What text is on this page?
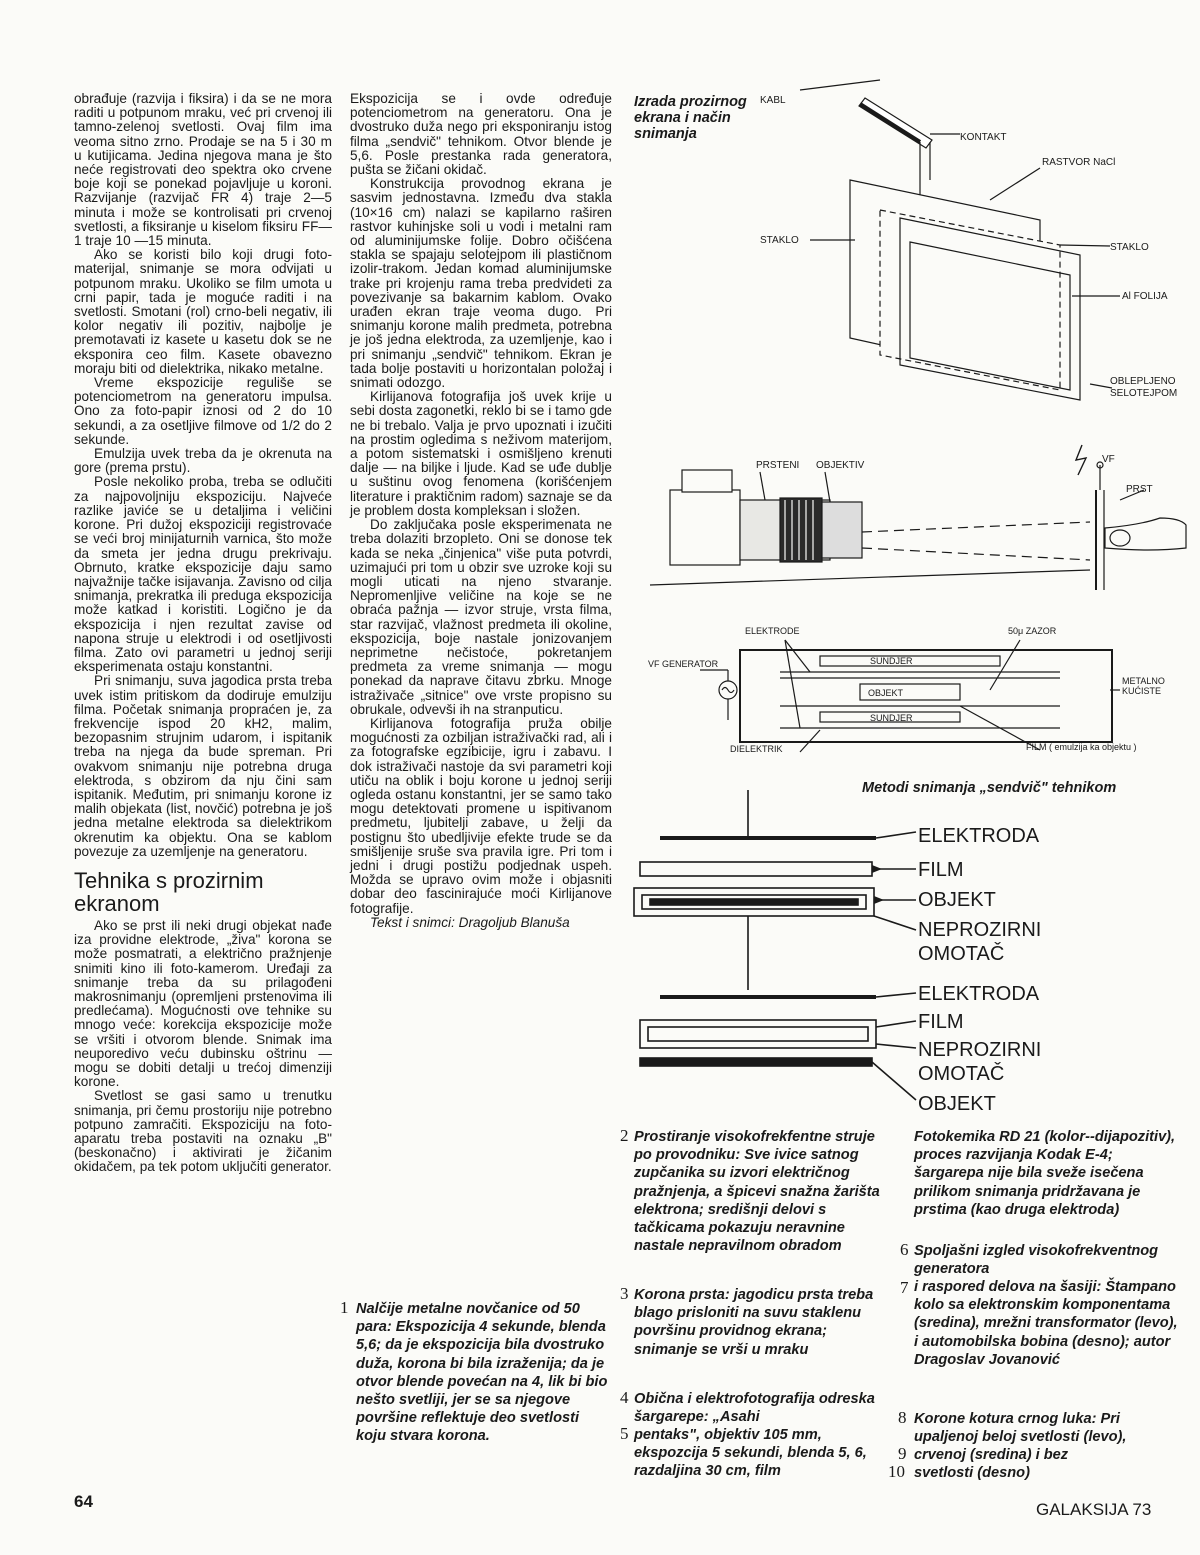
obrađuje (razvija i fiksira) i da se ne mora raditi u potpunom mraku, već pri crvenoj ili tamno-zelenoj svetlosti. Ovaj film ima veoma sitno zrno. Prodaje se na 5 i 30 m u kutijicama. Jedina njegova mana je što neće registrovati deo spektra oko crvene boje koji se ponekad pojavljuje u koroni. Razvijanje (razvijač FR 4) traje 2—5 minuta i može se kontrolisati pri crvenoj svetlosti, a fiksiranje u kiselom fiksiru FF—1 traje 10 —15 minuta.

Ako se koristi bilo koji drugi foto-materijal, snimanje se mora odvijati u potpunom mraku. Ukoliko se film umota u crni papir, tada je moguće raditi i na svetlosti. Smotani (rol) crno-beli negativ, ili kolor negativ ili pozitiv, najbolje je premotavati iz kasete u kasetu dok se ne eksponira ceo film. Kasete obavezno moraju biti od dielektrika, nikako metalne.

Vreme ekspozicije reguliše se potenciometrom na generatoru impulsa. Ono za foto-papir iznosi od 2 do 10 sekundi, a za osetljive filmove od 1/2 do 2 sekunde.

Emulzija uvek treba da je okrenuta na gore (prema prstu).

Posle nekoliko proba, treba se odlučiti za najpovoljniju ekspoziciju. Najveće razlike javiće se u detaljima i veličini korone. Pri dužoj ekspoziciji registrovaće se veći broj minijaturnih varnica, što može da smeta jer jedna drugu prekrivaju. Obrnuto, kratke ekspozicije daju samo najvažnije tačke isijavanja. Zavisno od cilja snimanja, prekratka ili preduga ekspozicija može katkad i koristiti. Logično je da ekspozicija i njen rezultat zavise od napona struje u elektrodi i od osetljivosti filma. Zato ovi parametri u jednoj seriji eksperimenata ostaju konstantni.

Pri snimanju, suva jagodica prsta treba uvek istim pritiskom da dodiruje emulziju filma. Početak snimanja propraćen je, za frekvencije ispod 20 kH2, malim, bezopasnim strujnim udarom, i ispitanik treba na njega da bude spreman. Pri ovakvom snimanju nije potrebna druga elektroda, s obzirom da nju čini sam ispitanik. Međutim, pri snimanju korone iz malih objekata (list, novčić) potrebna je još jedna metalne elektroda sa dielektrikom okrenutim ka objektu. Ona se kablom povezuje za uzemljenje na generatoru.

Tehnika s prozirnim ekranom

Ako se prst ili neki drugi objekat nađe iza providne elektrode, „živa" korona se može posmatrati, a električno pražnjenje snimiti kino ili foto-kamerom. Uređaji za snimanje treba da su prilagođeni makrosnimanju (opremljeni prstenovima ili predlećama). Mogućnosti ove tehnike su mnogo veće: korekcija ekspozicije može se vršiti i otvorom blende. Snimak ima neuporedivo veću dubinsku oštrinu — mogu se dobiti detalji u trećoj dimenziji korone.

Svetlost se gasi samo u trenutku snimanja, pri čemu prostoriju nije potrebno potpuno zamračiti. Ekspoziciju na foto-aparatu treba postaviti na oznaku „B" (beskonačno) i aktivirati je žičanim okidačem, pa tek potom uključiti generator.

Ekspozicija se i ovde određuje potenciometrom na generatoru. Ona je dvostruko duža nego pri eksponiranju istog filma „sendvič" tehnikom. Otvor blende je 5,6. Posle prestanka rada generatora, pušta se žičani okidač.

Konstrukcija provodnog ekrana je sasvim jednostavna. Između dva stakla (10×16 cm) nalazi se kapilarno raširen rastvor kuhinjske soli u vodi i metalni ram od aluminijumske folije. Dobro očišćena stakla se spajaju selotejpom ili plastičnom izolir-trakom. Jedan komad aluminijumske trake pri krojenju rama treba predvideti za povezivanje sa bakarnim kablom. Ovako urađen ekran traje veoma dugo. Pri snimanju korone malih predmeta, potrebna je još jedna elektroda, za uzemljenje, kao i pri snimanju „sendvič" tehnikom. Ekran je tada bolje postaviti u horizontalan položaj i snimati odozgo.

Kirlijanova fotografija još uvek krije u sebi dosta zagonetki, reklo bi se i tamo gde ne bi trebalo. Valja je prvo upoznati i izučiti na prostim ogledima s neživom materijom, a potom sistematski i osmišljeno krenuti dalje — na biljke i ljude. Kad se uđe dublje u suštinu ovog fenomena (korišćenjem literature i praktičnim radom) saznaje se da je problem dosta kompleksan i složen.

Do zaključaka posle eksperimenata ne treba dolaziti brzopleto. Oni se donose tek kada se neka „činjenica" više puta potvrdi, uzimajući pri tom u obzir sve uzroke koji su mogli uticati na njeno stvaranje. Nepromenljive veličine na koje se ne obraća pažnja — izvor struje, vrsta filma, star razvijač, vlažnost predmeta ili okoline, ekspozicija, boje nastale jonizovanjem neprimetne nečistoće, pokretanjem predmeta za vreme snimanja — mogu ponekad da naprave čitavu zbrku. Mnoge istraživače „sitnice" ove vrste propisno su obrukale, odvevši ih na stranputicu.

Kirlijanova fotografija pruža obilje mogućnosti za ozbiljan istraživački rad, ali i za fotografske egzibicije, igru i zabavu. I dok istraživači nastoje da svi parametri koji utiču na oblik i boju korone u jednoj seriji ogleda ostanu konstantni, jer se samo tako mogu detektovati promene u ispitivanom predmetu, ljubitelji zabave, u želji da postignu što ubedljivije efekte trude se da smišljenije sruše sva pravila igre. Pri tom i jedni i drugi postižu podjednak uspeh. Možda se upravo ovim može i objasniti dobar deo fascinirajuće moći Kirlijanove fotografije.

Tekst i snimci: Dragoljub Blanuša

Izrada prozirnog ekrana i način snimanja
KABL
KONTAKT
RASTVOR NaCl
STAKLO
STAKLO
Al FOLIJA
OBLEPLJENO
SELOTEJPOM
PRSTENI OBJEKTIV
VF
PRST
ELEKTRODE	50μ ZAZOR
VF GENERATOR	SUNDJER
OBJEKT
SUNDJER
METALNO
KUĆISTE
DIELEKTRIK	FILM ( emulzija ka objektu )
Metodi snimanja „sendvič" tehnikom
ELEKTRODA
FILM
OBJEKT
NEPROZIRNI
OMOTAČ
ELEKTRODA
FILM
NEPROZIRNI
OMOTAČ
OBJEKT
1 Nalčije metalne novčanice od 50 para: Ekspozicija 4 sekunde, blenda 5,6; da je ekspozicija bila dvostruko duža, korona bi bila izraženija; da je otvor blende povećan na 4, lik bi bio nešto svetliji, jer se sa njegove površine reflektuje deo svetlosti koju stvara korona.
2 Prostiranje visokofrekfentne struje po provodniku: Sve ivice satnog zupčanika su izvori električnog pražnjenja, a špicevi snažna žarišta elektrona; središnji delovi s tačkicama pokazuju neravnine nastale nepravilnom obradom
3 Korona prsta: jagodicu prsta treba blago prisloniti na suvu staklenu površinu providnog ekrana; snimanje se vrši u mraku
4 Obična i elektrofotografija odreska šargarepe: „Asahi
5 pentaks", objektiv 105 mm, ekspozcija 5 sekundi, blenda 5, 6, razdaljina 30 cm, film
Fotokemika RD 21 (kolor--dijapozitiv), proces razvijanja Kodak E-4; šargarepa nije bila sveže isečena prilikom snimanja pridržavana je prstima (kao druga elektroda)
6 Spoljašni izgled visokofrekventnog generatora
7 i raspored delova na šasiji: Štampano kolo sa elektronskim komponentama (sredina), mrežni transformator (levo), i automobilska bobina (desno); autor Dragoslav Jovanović
8 Korone kotura crnog luka: Pri upaljenoj beloj svetlosti (levo),
9 crvenoj (sredina) i bez
10 svetlosti (desno)
64	GALAKSIJA 73
